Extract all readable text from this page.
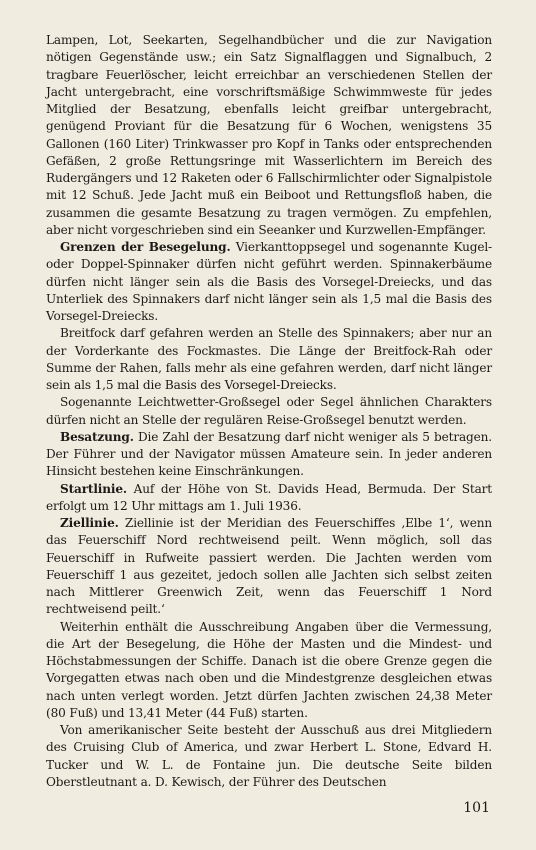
Lampen, Lot, Seekarten, Segelhandbücher und die zur Navigation nötigen Gegenstände usw.; ein Satz Signalflaggen und Signalbuch, 2 tragbare Feuerlöscher, leicht erreichbar an verschiedenen Stellen der Jacht untergebracht, eine vorschriftsmäßige Schwimmweste für jedes Mitglied der Besatzung, ebenfalls leicht greifbar untergebracht, genügend Proviant für die Besatzung für 6 Wochen, wenigstens 35 Gallonen (160 Liter) Trinkwasser pro Kopf in Tanks oder entsprechenden Gefäßen, 2 große Rettungsringe mit Wasserlichtern im Bereich des Rudergängers und 12 Raketen oder 6 Fallschirmlichter oder Signalpistole mit 12 Schuß. Jede Jacht muß ein Beiboot und Rettungsfloß haben, die zusammen die gesamte Besatzung zu tragen vermögen. Zu empfehlen, aber nicht vorgeschrieben sind ein Seeanker und Kurzwellen-Empfänger.

Grenzen der Besegelung. Vierkanttoppsegel und sogenannte Kugel- oder Doppel-Spinnaker dürfen nicht geführt werden. Spinnakerbäume dürfen nicht länger sein als die Basis des Vorsegel-Dreiecks, und das Unterliek des Spinnakers darf nicht länger sein als 1,5 mal die Basis des Vorsegel-Dreiecks.

Breitfock darf gefahren werden an Stelle des Spinnakers; aber nur an der Vorderkante des Fockmastes. Die Länge der Breitfock-Rah oder Summe der Rahen, falls mehr als eine gefahren werden, darf nicht länger sein als 1,5 mal die Basis des Vorsegel-Dreiecks.

Sogenannte Leichtwetter-Großsegel oder Segel ähnlichen Charakters dürfen nicht an Stelle der regulären Reise-Großsegel benutzt werden.

Besatzung. Die Zahl der Besatzung darf nicht weniger als 5 betragen. Der Führer und der Navigator müssen Amateure sein. In jeder anderen Hinsicht bestehen keine Einschränkungen.

Startlinie. Auf der Höhe von St. Davids Head, Bermuda. Der Start erfolgt um 12 Uhr mittags am 1. Juli 1936.

Ziellinie. Ziellinie ist der Meridian des Feuerschiffes ‚Elbe 1‘, wenn das Feuerschiff Nord rechtweisend peilt. Wenn möglich, soll das Feuerschiff in Rufweite passiert werden. Die Jachten werden vom Feuerschiff 1 aus gezeitet, jedoch sollen alle Jachten sich selbst zeiten nach Mittlerer Greenwich Zeit, wenn das Feuerschiff 1 Nord rechtweisend peilt.‘

Weiterhin enthält die Ausschreibung Angaben über die Vermessung, die Art der Besegelung, die Höhe der Masten und die Mindest- und Höchstabmessungen der Schiffe. Danach ist die obere Grenze gegen die Vorgegatten etwas nach oben und die Mindestgrenze desgleichen etwas nach unten verlegt worden. Jetzt dürfen Jachten zwischen 24,38 Meter (80 Fuß) und 13,41 Meter (44 Fuß) starten.

Von amerikanischer Seite besteht der Ausschuß aus drei Mitgliedern des Cruising Club of America, und zwar Herbert L. Stone, Edvard H. Tucker und W. L. de Fontaine jun. Die deutsche Seite bilden Oberstleutnant a. D. Kewisch, der Führer des Deutschen

101
